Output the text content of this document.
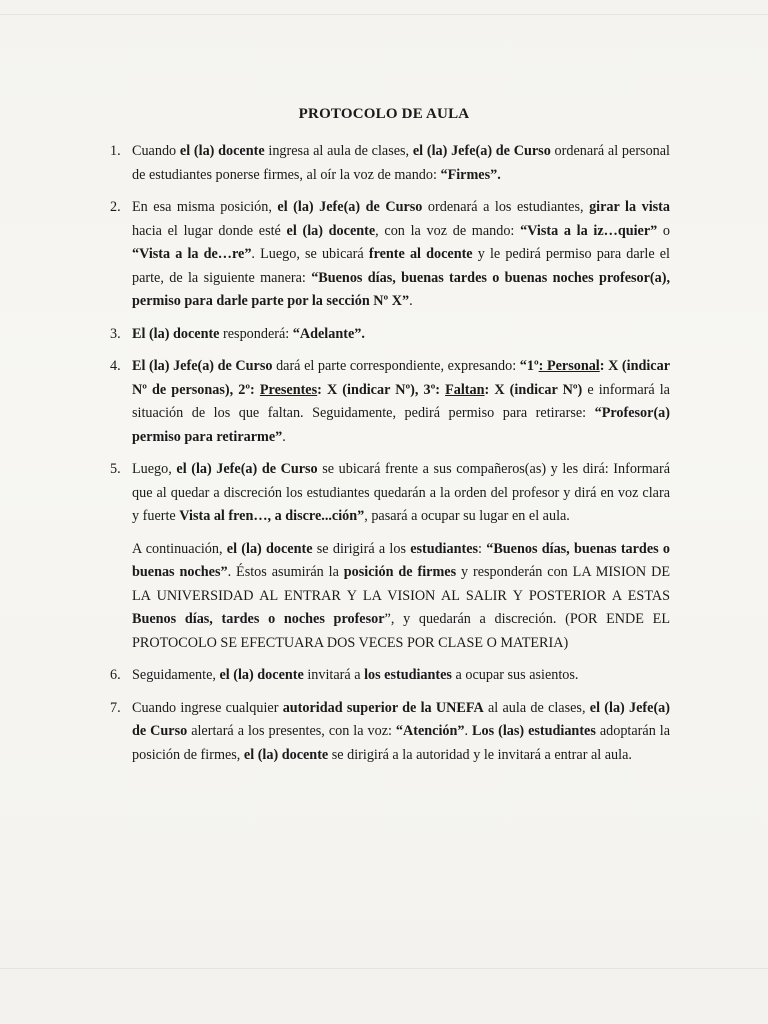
PROTOCOLO DE AULA
1. Cuando el (la) docente ingresa al aula de clases, el (la) Jefe(a) de Curso ordenará al personal de estudiantes ponerse firmes, al oír la voz de mando: “Firmes”.
2. En esa misma posición, el (la) Jefe(a) de Curso ordenará a los estudiantes, girar la vista hacia el lugar donde esté el (la) docente, con la voz de mando: “Vista a la iz…quier” o “Vista a la de…re”. Luego, se ubicará frente al docente y le pedirá permiso para darle el parte, de la siguiente manera: “Buenos días, buenas tardes o buenas noches profesor(a), permiso para darle parte por la sección Nº X”.
3. El (la) docente responderá: “Adelante”.
4. El (la) Jefe(a) de Curso dará el parte correspondiente, expresando: “1º: Personal: X (indicar Nº de personas), 2º: Presentes: X (indicar Nº), 3º: Faltan: X (indicar Nº) e informará la situación de los que faltan. Seguidamente, pedirá permiso para retirarse: “Profesor(a) permiso para retirarme”.
5. Luego, el (la) Jefe(a) de Curso se ubicará frente a sus compañeros(as) y les dirá: Informará que al quedar a discreción los estudiantes quedarán a la orden del profesor y dirá en voz clara y fuerte Vista al fren…, a discre...ción”, pasará a ocupar su lugar en el aula.
A continuación, el (la) docente se dirigirá a los estudiantes: “Buenos días, buenas tardes o buenas noches”. Éstos asumirán la posición de firmes y responderán con LA MISION DE LA UNIVERSIDAD AL ENTRAR Y LA VISION AL SALIR Y POSTERIOR A ESTAS Buenos días, tardes o noches profesor”, y quedarán a discreción. (POR ENDE EL PROTOCOLO SE EFECTUARA DOS VECES POR CLASE O MATERIA)
6. Seguidamente, el (la) docente invitará a los estudiantes a ocupar sus asientos.
7. Cuando ingrese cualquier autoridad superior de la UNEFA al aula de clases, el (la) Jefe(a) de Curso alertará a los presentes, con la voz: “Atención”. Los (las) estudiantes adoptarán la posición de firmes, el (la) docente se dirigirá a la autoridad y le invitará a entrar al aula.
